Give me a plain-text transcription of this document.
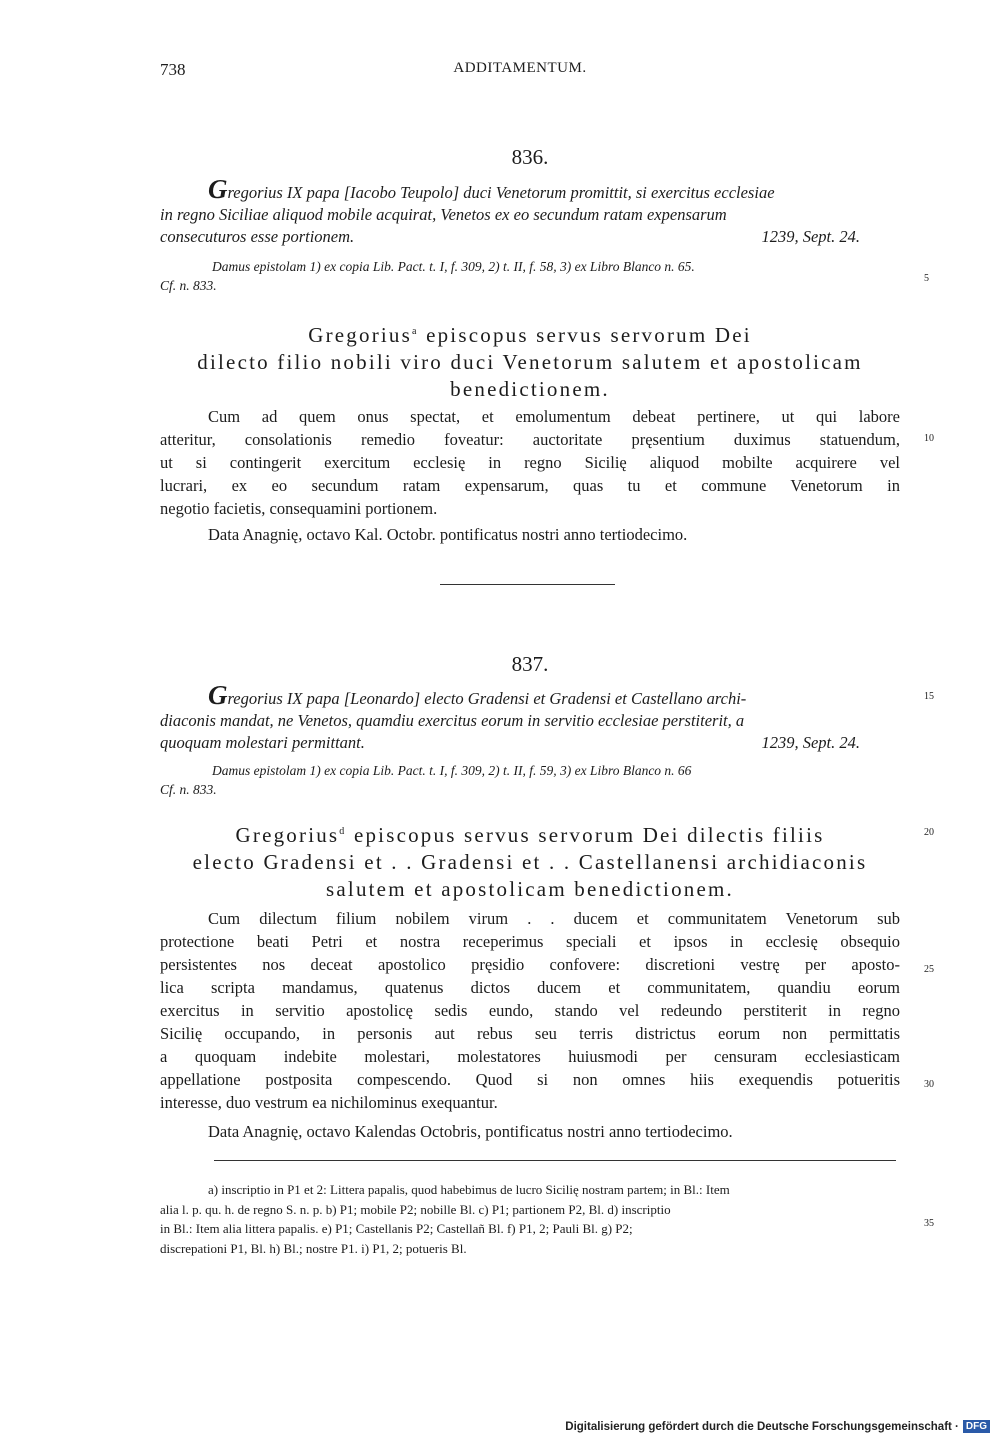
738	ADDITAMENTUM.
836.
Gregorius IX papa [Iacobo Teupolo] duci Venetorum promittit, si exercitus ecclesiae
in regno Siciliae aliquod mobile acquirat, Venetos ex eo secundum ratam expensarum
consecuturos esse portionem.	1239, Sept. 24.
Damus epistolam 1) ex copia Lib. Pact. t. I, f. 309, 2) t. II, f. 58, 3) ex Libro Blanco n. 65.
Cf. n. 833.
Gregorius$^a$ episcopus servus servorum Dei
dilecto filio nobili viro duci Venetorum salutem et apostolicam
benedictionem.
Cum ad quem onus spectat, et emolumentum debeat pertinere, ut qui labore
atteritur, consolationis remedio foveatur: auctoritate pręsentium duximus statuendum,
ut si contingerit exercitum ecclesię in regno Sicilię aliquod mobilte acquirere vel
lucrari, ex eo secundum ratam expensarum, quas tu et commune Venetorum in
negotio facietis, consequamini portionem.
Data Anagnię, octavo Kal. Octobr. pontificatus nostri anno tertiodecimo.
837.
Gregorius IX papa [Leonardo] electo Gradensi et Gradensi et Castellano archi-
diaconis mandat, ne Venetos, quamdiu exercitus eorum in servitio ecclesiae perstiterit, a
quoquam molestari permittant.	1239, Sept. 24.
Damus epistolam 1) ex copia Lib. Pact. t. I, f. 309, 2) t. II, f. 59, 3) ex Libro Blanco n. 66
Cf. n. 833.
Gregorius$^d$ episcopus servus servorum Dei dilectis filiis
electo Gradensi et . . Gradensi et . . Castellanensi archidiaconis
salutem et apostolicam benedictionem.
Cum dilectum filium nobilem virum . . ducem et communitatem Venetorum sub
protectione beati Petri et nostra receperimus speciali et ipsos in ecclesię obsequio
persistentes nos deceat apostolico pręsidio confovere: discretioni vestrę per aposto-
lica scripta mandamus, quatenus dictos ducem et communitatem, quandiu eorum
exercitus in servitio apostolicę sedis eundo, stando vel redeundo perstiterit in regno
Sicilię occupando, in personis aut rebus seu terris districtus eorum non permittatis
a quoquam indebite molestari, molestatores huiusmodi per censuram ecclesiasticam
appellatione postposita compescendo. Quod si non omnes hiis exequendis potueritis
interesse, duo vestrum ea nichilominus exequantur.
Data Anagnię, octavo Kalendas Octobris, pontificatus nostri anno tertiodecimo.
a) inscriptio in P1 et 2: Littera papalis, quod habebimus de lucro Sicilię nostram partem; in Bl.: Item
alia l. p. qu. h. de regno S. n. p. b) P1; mobile P2; nobille Bl. c) P1; partionem P2, Bl. d) inscriptio
in Bl.: Item alia littera papalis. e) P1; Castellanis P2; Castellañ Bl. f) P1, 2; Pauli Bl. g) P2;
discrepationi P1, Bl. h) Bl.; nostre P1. i) P1, 2; potueris Bl.
5
10
15
20
25
30
35
Digitalisierung gefördert durch die Deutsche Forschungsgemeinschaft · DFG
